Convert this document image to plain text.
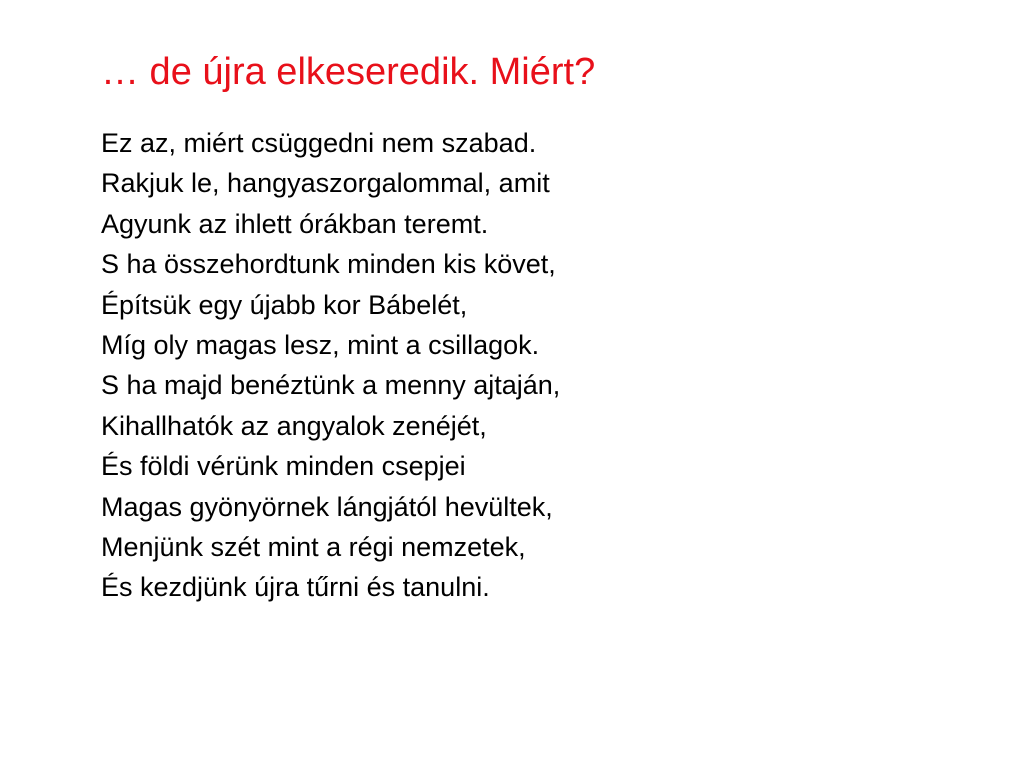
… de újra elkeseredik. Miért?
Ez az, miért csüggedni nem szabad.
Rakjuk le, hangyaszorgalommal, amit
Agyunk az ihlett órákban teremt.
S ha összehordtunk minden kis követ,
Építsük egy újabb kor Bábelét,
Míg oly magas lesz, mint a csillagok.
S ha majd benéztünk a menny ajtaján,
Kihallhatók az angyalok zenéjét,
És földi vérünk minden csepjei
Magas gyönyörnek lángjától hevültek,
Menjünk szét mint a régi nemzetek,
És kezdjünk újra tűrni és tanulni.
